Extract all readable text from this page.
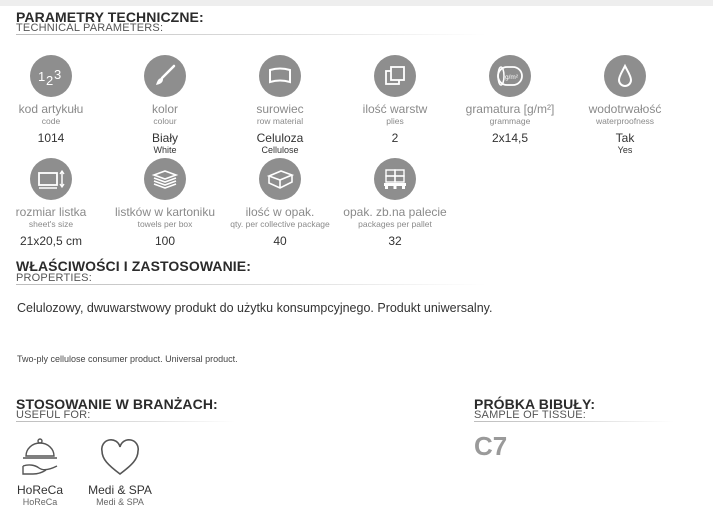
PARAMETRY TECHNICZNE:
TECHNICAL PARAMETERS:
1 2 3
kod artykułu
code
1014
kolor
colour
Biały
White
surowiec
row material
Celuloza
Cellulose
ilość warstw
plies
2
g/m²
gramatura [g/m²]
grammage
2x14,5
wodotrwałość
waterproofness
Tak
Yes
rozmiar listka
sheet's size
21x20,5 cm
listków w kartoniku
towels per box
100
ilość w opak.
qty. per collective package
40
opak. zb.na palecie
packages per pallet
32
WŁAŚCIWOŚCI I ZASTOSOWANIE:
PROPERTIES:
Celulozowy, dwuwarstwowy produkt do użytku konsumpcyjnego. Produkt uniwersalny.
Two-ply cellulose consumer product. Universal product.
STOSOWANIE W BRANŻACH:
USEFUL FOR:
HoReCa
HoReCa
Medi & SPA
Medi & SPA
PRÓBKA BIBUŁY:
SAMPLE OF TISSUE:
C7
